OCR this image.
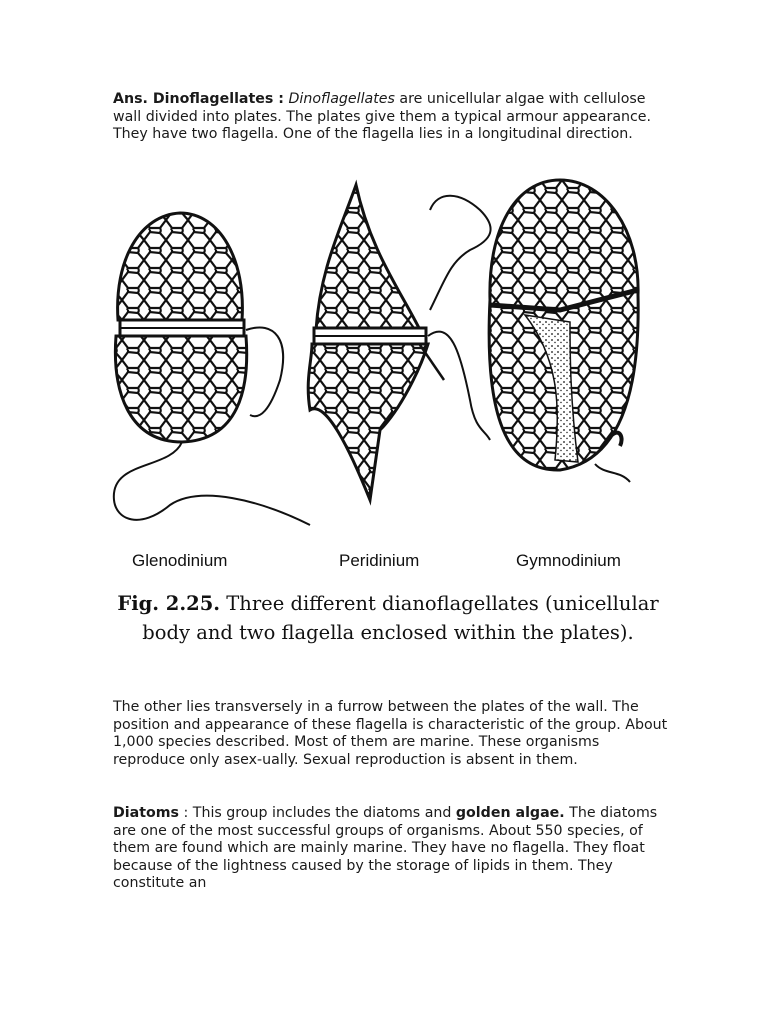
Ans. Dinoflagellates : Dinoflagellates are unicellular algae with cellulose wall divided into plates. The plates give them a typical armour appearance. They have two flagella. One of the flagella lies in a longitudinal direction.

Glenodinium	Peridinium	Gymnodinium
Fig. 2.25. Three different dianoflagellates (unicellular body and two flagella enclosed within the plates).

The other lies transversely in a furrow between the plates of the wall. The position and appearance of these flagella is characteristic of the group. About 1,000 species described. Most of them are marine. These organisms reproduce only asex-ually. Sexual reproduction is absent in them.

Diatoms : This group includes the diatoms and golden algae. The diatoms are one of the most successful groups of organisms. About 550 species, of them are found which are mainly marine. They have no flagella. They float because of the lightness caused by the storage of lipids in them. They constitute an
